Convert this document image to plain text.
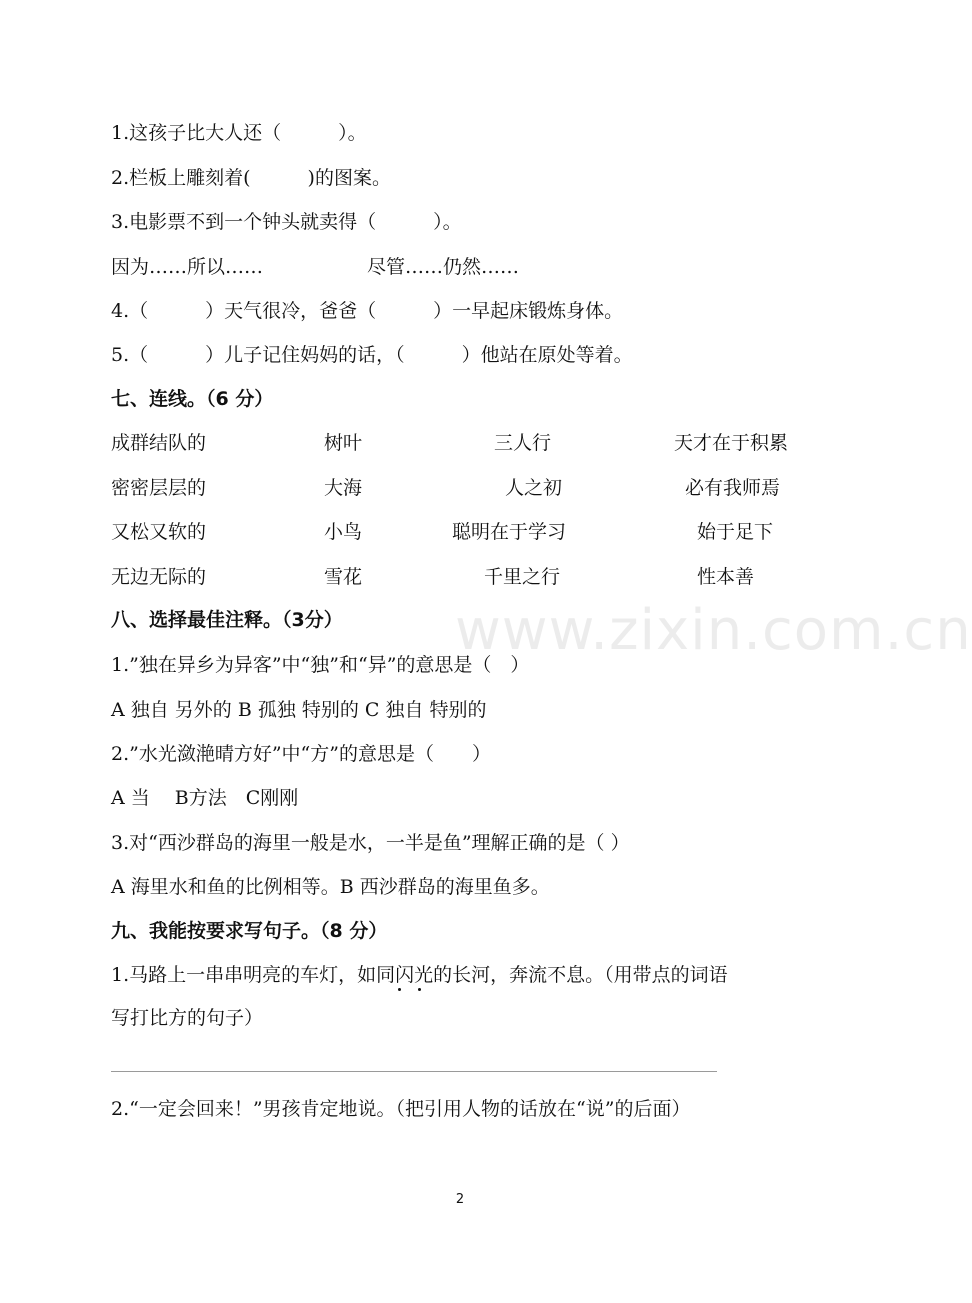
www.zixin.com.cn
1.这孩子比大人还（　　　）。
2.栏板上雕刻着(　　　)的图案。
3.电影票不到一个钟头就卖得（　　　）。
因为……所以……	尽管……仍然……
4.（　　　）天气很冷，爸爸（　　　）一早起床锻炼身体。
5.（　　　）儿子记住妈妈的话，（　　　）他站在原处等着。
七、连线。（6 分）
成群结队的	树叶	三人行	天才在于积累
密密层层的	大海	人之初	必有我师焉
又松又软的	小鸟	聪明在于学习	始于足下
无边无际的	雪花	千里之行	性本善
八、选择最佳注释。（3分）
1.”独在异乡为异客”中“独”和“异”的意思是（　）
A 独自 另外的 B 孤独 特别的 C 独自 特别的
2.”水光潋滟晴方好”中“方”的意思是（　　）
A 当　 B方法　C刚刚
3.对“西沙群岛的海里一般是水，一半是鱼”理解正确的是（ ）
A 海里水和鱼的比例相等。B 西沙群岛的海里鱼多。
九、我能按要求写句子。（8 分）
1.马路上一串串明亮的车灯，如同闪光的长河，奔流不息。（用带点的词语
写打比方的句子）
2.“一定会回来！”男孩肯定地说。（把引用人物的话放在“说”的后面）
2
